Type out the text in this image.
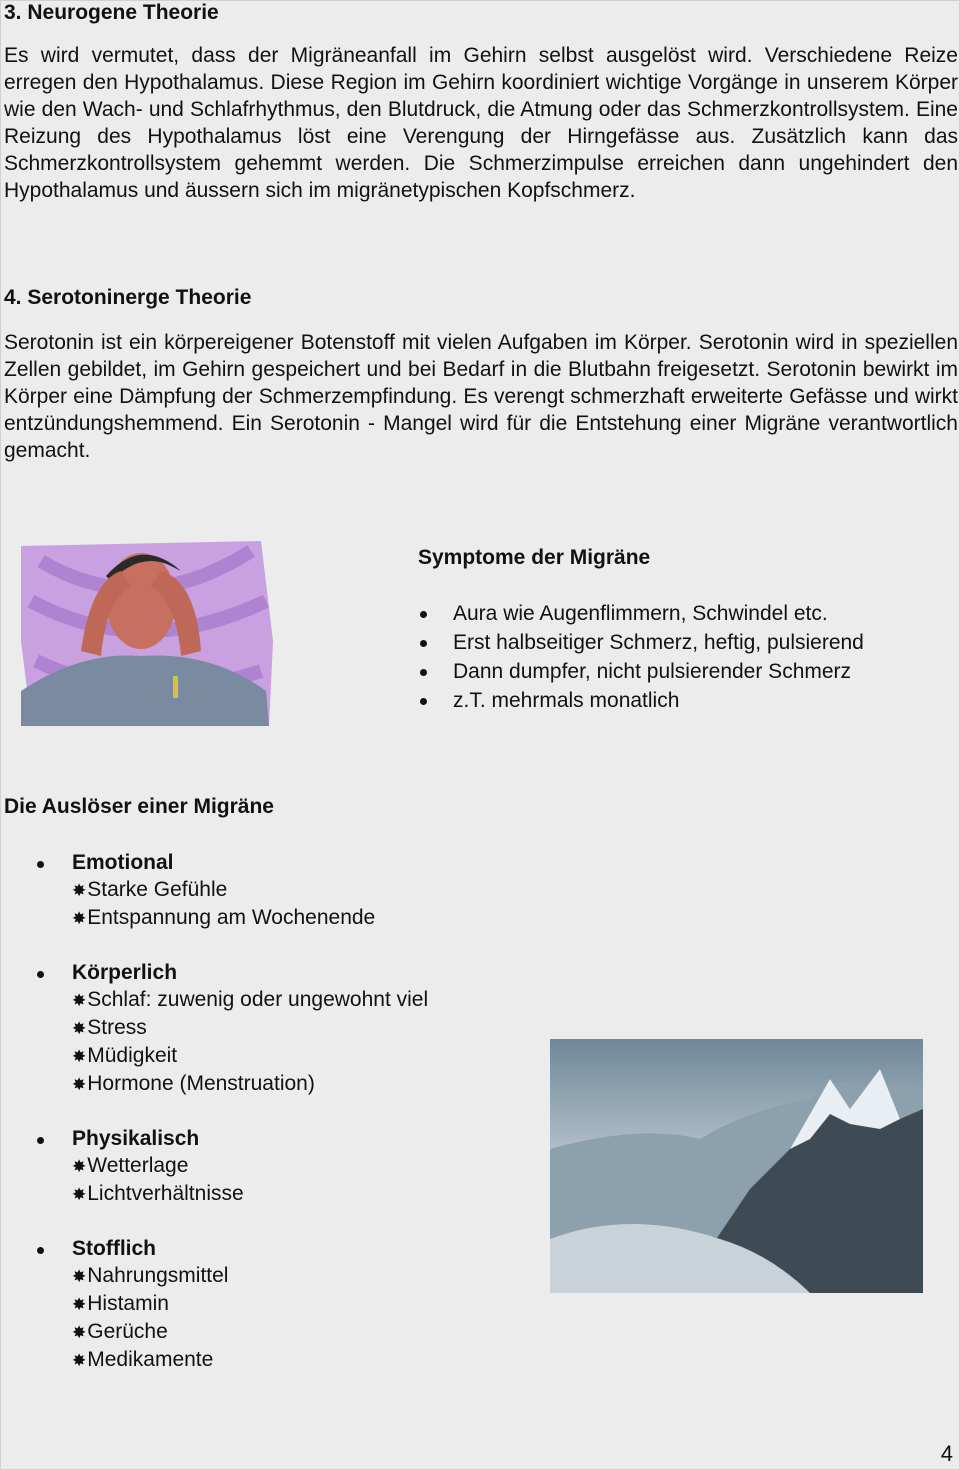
3. Neurogene Theorie

Es wird vermutet, dass der Migräneanfall im Gehirn selbst ausgelöst wird. Verschiedene Reize erregen den Hypothalamus. Diese Region im Gehirn koordiniert wichtige Vorgänge in unserem Körper wie den Wach- und Schlafrhythmus, den Blutdruck, die Atmung oder das Schmerzkontrollsystem. Eine Reizung des Hypothalamus löst eine Verengung der Hirngefässe aus. Zusätzlich kann das Schmerzkontrollsystem gehemmt werden. Die Schmerzimpulse erreichen dann ungehindert den Hypothalamus und äussern sich im migränetypischen Kopfschmerz.

4. Serotoninerge Theorie

Serotonin ist ein körpereigener Botenstoff mit vielen Aufgaben im Körper. Serotonin wird in speziellen Zellen gebildet, im Gehirn gespeichert und bei Bedarf in die Blutbahn freigesetzt. Serotonin bewirkt im Körper eine Dämpfung der Schmerzempfindung. Es verengt schmerzhaft erweiterte Gefässe und wirkt entzündungshemmend. Ein Serotonin - Mangel wird für die Entstehung einer Migräne verantwortlich gemacht.

Symptome der Migräne
Aura wie Augenflimmern, Schwindel etc.
Erst halbseitiger Schmerz, heftig, pulsierend
Dann dumpfer, nicht pulsierender Schmerz
z.T. mehrmals monatlich
Die Auslöser einer Migräne
Emotional
✸Starke Gefühle
✸Entspannung am Wochenende
Körperlich
✸Schlaf: zuwenig oder ungewohnt viel
✸Stress
✸Müdigkeit
✸Hormone (Menstruation)
Physikalisch
✸Wetterlage
✸Lichtverhältnisse
Stofflich
✸Nahrungsmittel
✸Histamin
✸Gerüche
✸Medikamente
4
